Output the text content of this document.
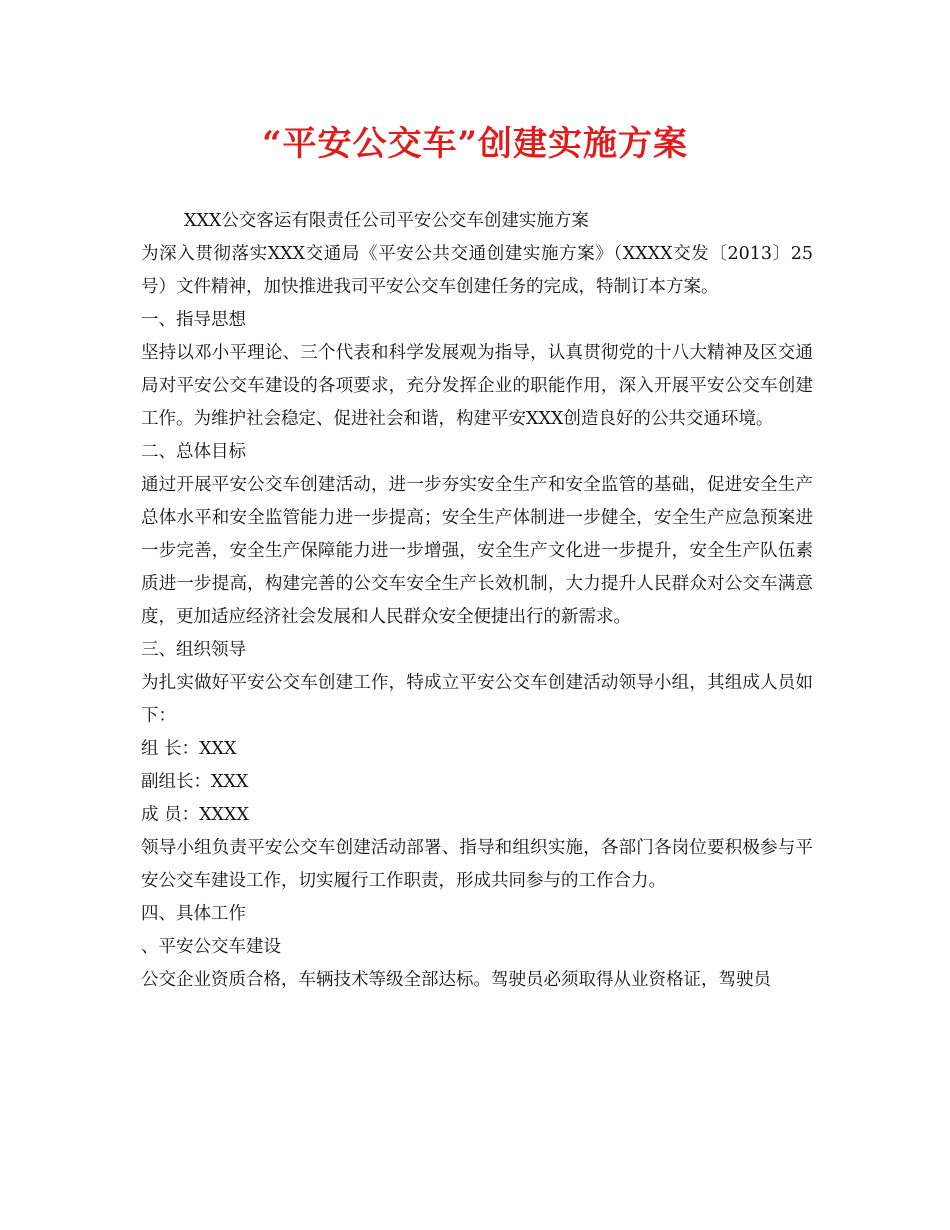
“平安公交车”创建实施方案

XXX公交客运有限责任公司平安公交车创建实施方案

为深入贯彻落实XXX交通局《平安公共交通创建实施方案》（XXXX交发〔2013〕25号）文件精神，加快推进我司平安公交车创建任务的完成，特制订本方案。

一、指导思想

坚持以邓小平理论、三个代表和科学发展观为指导，认真贯彻党的十八大精神及区交通局对平安公交车建设的各项要求，充分发挥企业的职能作用，深入开展平安公交车创建工作。为维护社会稳定、促进社会和谐，构建平安XXX创造良好的公共交通环境。

二、总体目标

通过开展平安公交车创建活动，进一步夯实安全生产和安全监管的基础，促进安全生产总体水平和安全监管能力进一步提高；安全生产体制进一步健全，安全生产应急预案进一步完善，安全生产保障能力进一步增强，安全生产文化进一步提升，安全生产队伍素质进一步提高，构建完善的公交车安全生产长效机制，大力提升人民群众对公交车满意度，更加适应经济社会发展和人民群众安全便捷出行的新需求。

三、组织领导

为扎实做好平安公交车创建工作，特成立平安公交车创建活动领导小组，其组成人员如下：

组 长：XXX

副组长：XXX

成 员：XXXX

领导小组负责平安公交车创建活动部署、指导和组织实施，各部门各岗位要积极参与平安公交车建设工作，切实履行工作职责，形成共同参与的工作合力。

四、具体工作

、平安公交车建设

公交企业资质合格，车辆技术等级全部达标。驾驶员必须取得从业资格证，驾驶员
